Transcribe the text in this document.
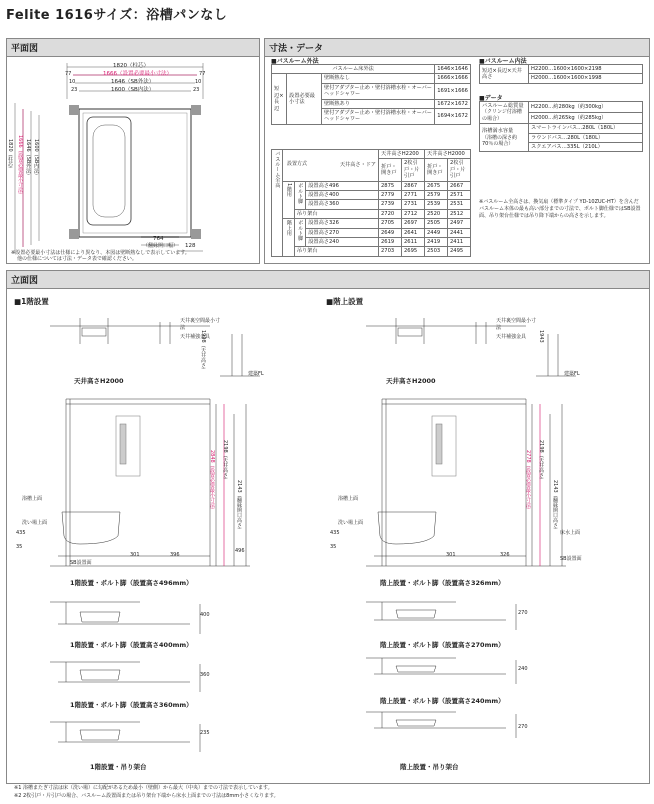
Felite 1616サイズ：浴槽パンなし
平面図
1820（柱芯）
1666（設置必要最小寸法）
1646（SB外法）
1600（SB内法）
77	77
10	10
23	23
1820（柱芯） 1666（設置必要最小寸法） 1646（SB外法） 1600（SB内法）
764
（翻縁開口幅） 128
※設置必要最小寸法は仕様により異なり、本図は壁断熱なしで表示しています。
他の仕様については寸法・データ表で確認ください。
寸法・データ
■バスルーム外法
バスルーム床外法			1646×1646
短辺×長辺	設置必要最小寸法	壁断熱なし	1666×1666
		壁付アダプター止め・壁付浴槽水栓・オーバーヘッドシャワー	1691×1666
		壁断熱あり	1672×1672
		壁付アダプター止め・壁付浴槽水栓・オーバーヘッドシャワー	1694×1672
バスルーム全高	天井高さ・ドア			天井高さH2200		天井高さH2000	
				折戸・開き戸	2枚引戸・片引戸	折戸・開き戸	2枚引戸・片引戸
	1階用	ボルト脚	設置高さ496	2875	2867	2675	2667
			設置高さ400	2779	2771	2579	2571
			設置高さ360	2739	2731	2539	2531
		吊り架台		2720	2712	2520	2512
	階上用	ボルト脚	設置高さ326	2705	2697	2505	2497
			設置高さ270	2649	2641	2449	2441
			設置高さ240	2619	2611	2419	2411
		吊り架台		2703	2695	2503	2495
設置方式
■バスルーム内法
短辺×長辺×天井高さ	H2200…1600×1600×2198
H2000…1600×1600×1998
■データ
バスルーム総質量
（クリンジ付浴槽の場合）	H2200…約280kg（約300kg）
	H2000…約265kg（約285kg）
浴槽満水容量
（浴槽の深さ約70％の場合）	スマートラインバス…280L（180L）
	ラウンドバス…280L（180L）
	スクエアバス…335L（210L）
※バスルーム全高さは、換気扇（標準タイプ YD-10ZUC-HT）を含んだバスルーム本体の最も高い部分までの寸法で、ボルト脚仕様ではSB設置面、吊り架台仕様では吊り降下端からの高さを示します。
立面図
■1階設置	■階上設置
天井裏空間最小寸法
天井補強金具
建築FL
天井高さH2000
浴槽上面
洗い場上面
SB設置面
1998（天井高さ）
2848（設置必要最小寸法） 2198（天井高さ）
2143（翻縁開口高さ）
435
35
301	396
496
1階設置・ボルト脚（設置高さ496mm）
400
1階設置・ボルト脚（設置高さ400mm）
360
1階設置・ボルト脚（設置高さ360mm）
235
1階設置・吊り架台
天井裏空間最小寸法
天井補強金具
建築FL
天井高さH2000
浴槽上面
洗い場上面
床水上面
SB設置面
1943
2778（設置必要最小寸法） 2198（天井高さ）
2143（翻縁開口高さ）
435
35
301	326
階上設置・ボルト脚（設置高さ326mm）
270
階上設置・ボルト脚（設置高さ270mm）
240
階上設置・ボルト脚（設置高さ240mm）
270
階上設置・吊り架台
※1 浴槽またぎ寸法は床（洗い場）に勾配があるため最小（壁側）から最大（中央）までの寸法で表示しています。
※2 2枚引戸・片引戸の場合、バスルーム設置面または吊り架台下端から床水上面までの寸法は8mm小さくなります。
